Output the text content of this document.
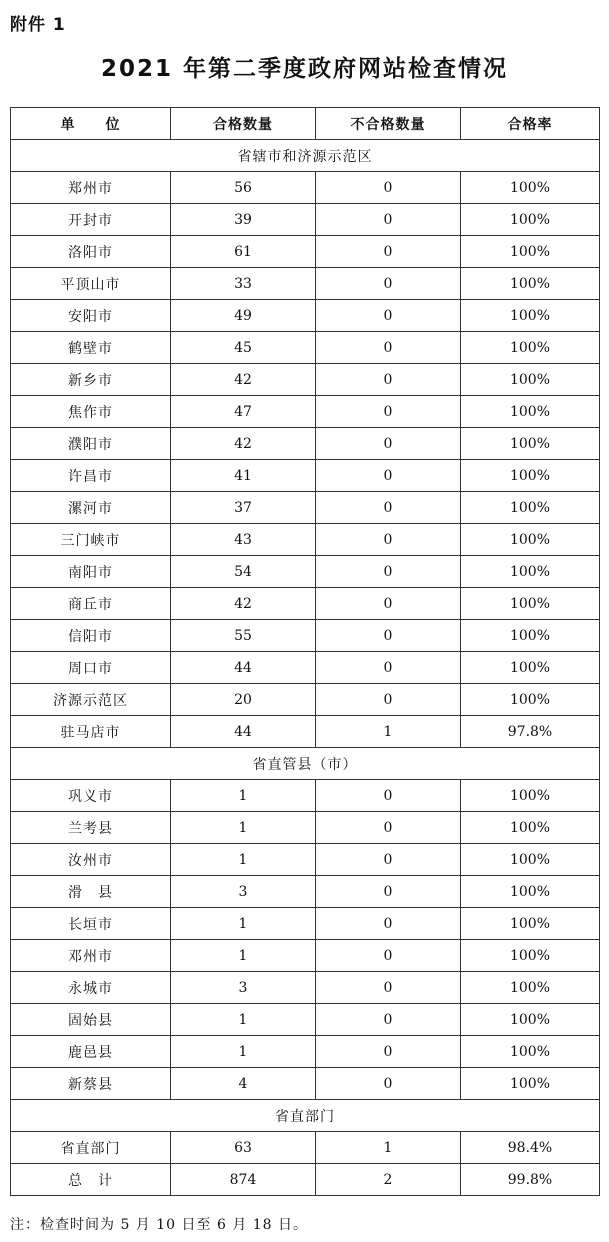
附件 1
2021 年第二季度政府网站检查情况
单　　位	合格数量	不合格数量	合格率
省辖市和济源示范区			
郑州市	56	0	100%
开封市	39	0	100%
洛阳市	61	0	100%
平顶山市	33	0	100%
安阳市	49	0	100%
鹤壁市	45	0	100%
新乡市	42	0	100%
焦作市	47	0	100%
濮阳市	42	0	100%
许昌市	41	0	100%
漯河市	37	0	100%
三门峡市	43	0	100%
南阳市	54	0	100%
商丘市	42	0	100%
信阳市	55	0	100%
周口市	44	0	100%
济源示范区	20	0	100%
驻马店市	44	1	97.8%
省直管县（市）			
巩义市	1	0	100%
兰考县	1	0	100%
汝州市	1	0	100%
滑　县	3	0	100%
长垣市	1	0	100%
邓州市	1	0	100%
永城市	3	0	100%
固始县	1	0	100%
鹿邑县	1	0	100%
新蔡县	4	0	100%
省直部门			
省直部门	63	1	98.4%
总　计	874	2	99.8%
注：检查时间为 5 月 10 日至 6 月 18 日。
